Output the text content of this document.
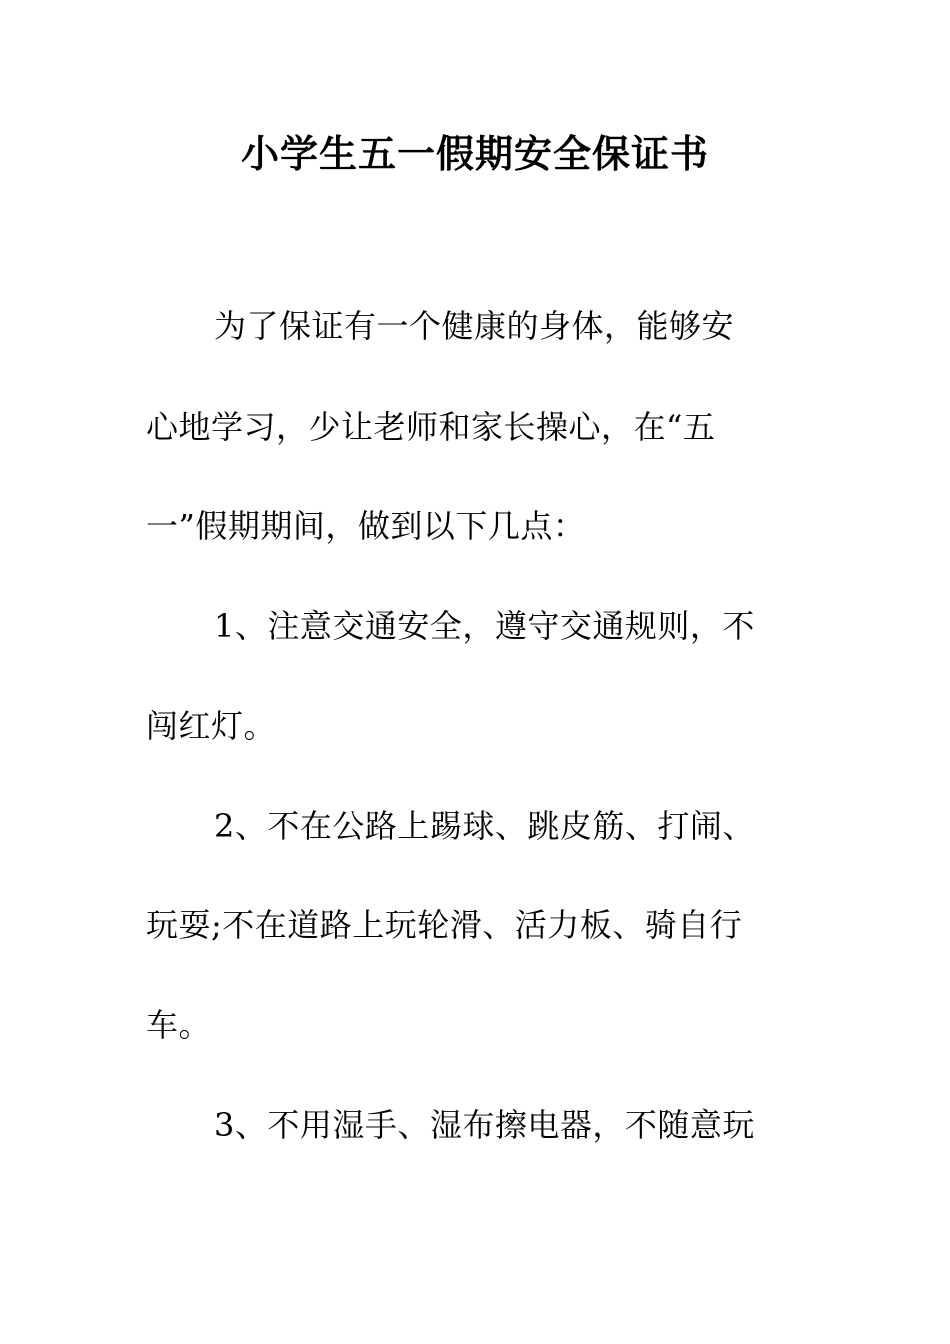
小学生五一假期安全保证书

为了保证有一个健康的身体，能够安

心地学习，少让老师和家长操心，在“五

一”假期期间，做到以下几点：

1、注意交通安全，遵守交通规则，不

闯红灯。

2、不在公路上踢球、跳皮筋、打闹、

玩耍;不在道路上玩轮滑、活力板、骑自行

车。

3、不用湿手、湿布擦电器，不随意玩
